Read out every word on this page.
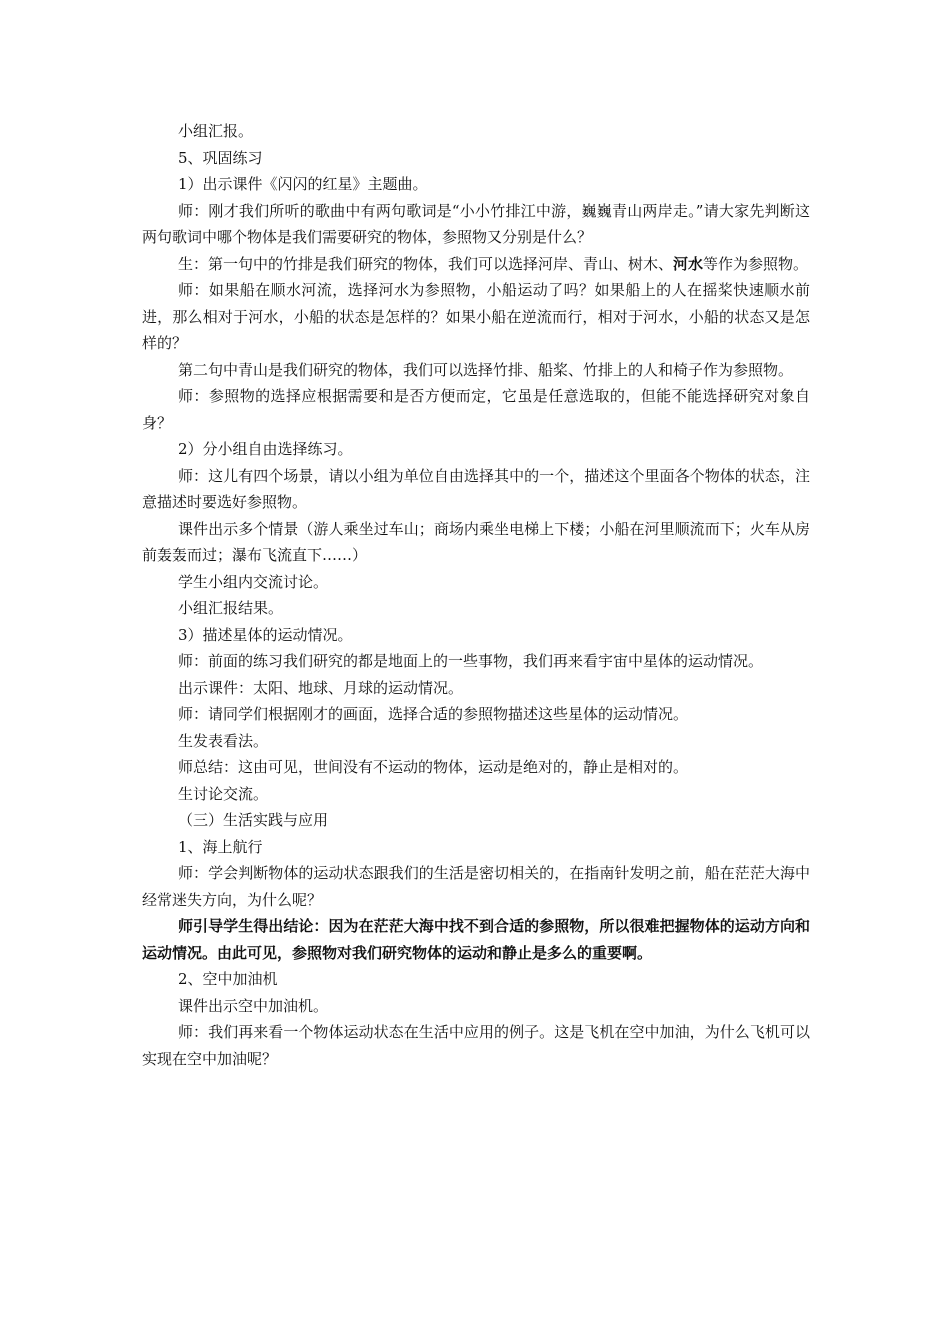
小组汇报。

5、巩固练习

1）出示课件《闪闪的红星》主题曲。

师：刚才我们所听的歌曲中有两句歌词是“小小竹排江中游，巍巍青山两岸走。”请大家先判断这两句歌词中哪个物体是我们需要研究的物体，参照物又分别是什么？

生：第一句中的竹排是我们研究的物体，我们可以选择河岸、青山、树木、河水等作为参照物。

师：如果船在顺水河流，选择河水为参照物，小船运动了吗？如果船上的人在摇桨快速顺水前进，那么相对于河水，小船的状态是怎样的？如果小船在逆流而行，相对于河水，小船的状态又是怎样的？

第二句中青山是我们研究的物体，我们可以选择竹排、船桨、竹排上的人和椅子作为参照物。

师：参照物的选择应根据需要和是否方便而定，它虽是任意选取的，但能不能选择研究对象自身？

2）分小组自由选择练习。

师：这儿有四个场景，请以小组为单位自由选择其中的一个，描述这个里面各个物体的状态，注意描述时要选好参照物。

课件出示多个情景（游人乘坐过车山；商场内乘坐电梯上下楼；小船在河里顺流而下；火车从房前轰轰而过；瀑布飞流直下……）

学生小组内交流讨论。

小组汇报结果。

3）描述星体的运动情况。

师：前面的练习我们研究的都是地面上的一些事物，我们再来看宇宙中星体的运动情况。

出示课件：太阳、地球、月球的运动情况。

师：请同学们根据刚才的画面，选择合适的参照物描述这些星体的运动情况。

生发表看法。

师总结：这由可见，世间没有不运动的物体，运动是绝对的，静止是相对的。

生讨论交流。

（三）生活实践与应用

1、海上航行

师：学会判断物体的运动状态跟我们的生活是密切相关的，在指南针发明之前，船在茫茫大海中经常迷失方向，为什么呢？

师引导学生得出结论：因为在茫茫大海中找不到合适的参照物，所以很难把握物体的运动方向和运动情况。由此可见，参照物对我们研究物体的运动和静止是多么的重要啊。

2、空中加油机

课件出示空中加油机。

师：我们再来看一个物体运动状态在生活中应用的例子。这是飞机在空中加油，为什么飞机可以实现在空中加油呢？
